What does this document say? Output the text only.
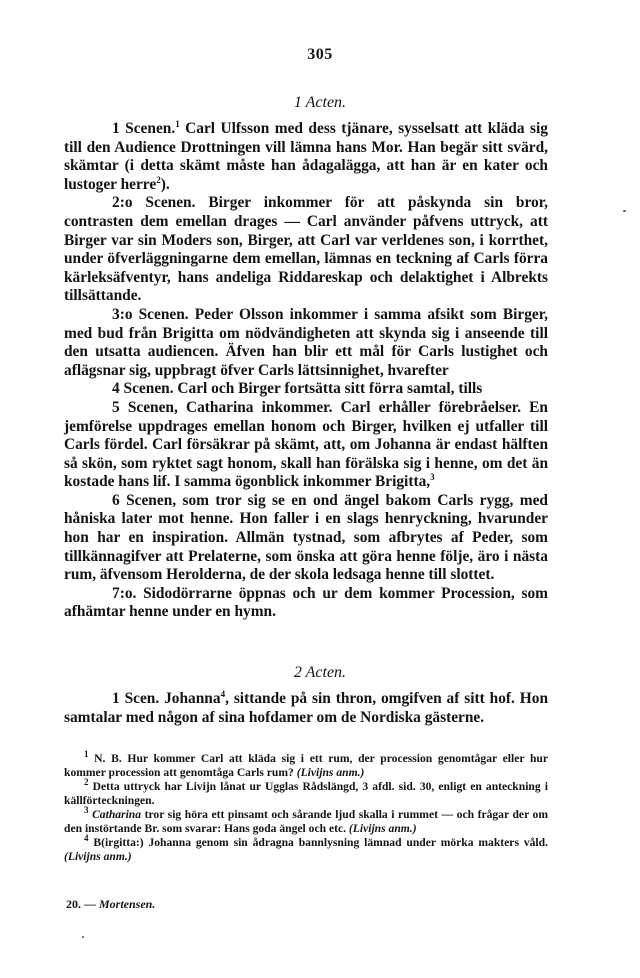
305
1 Acten.

1 Scenen.$^1$ Carl Ulfsson med dess tjänare, sysselsatt att kläda sig till den Audience Drottningen vill lämna hans Mor. Han begär sitt svärd, skämtar (i detta skämt måste han ådagalägga, att han är en kater och lustoger herre$^2$).

2:o Scenen. Birger inkommer för att påskynda sin bror, contrasten dem emellan drages — Carl använder påfvens uttryck, att Birger var sin Moders son, Birger, att Carl var verldenes son, i korrthet, under öfverläggningarne dem emellan, lämnas en teckning af Carls förra kärleksäfventyr, hans andeliga Riddareskap och delaktighet i Albrekts tillsättande.

3:o Scenen. Peder Olsson inkommer i samma afsikt som Birger, med bud från Brigitta om nödvändigheten att skynda sig i anseende till den utsatta audiencen. Äfven han blir ett mål för Carls lustighet och aflägsnar sig, uppbragt öfver Carls lättsinnighet, hvarefter

4 Scenen. Carl och Birger fortsätta sitt förra samtal, tills

5 Scenen, Catharina inkommer. Carl erhåller förebråelser. En jemförelse uppdrages emellan honom och Birger, hvilken ej utfaller till Carls fördel. Carl försäkrar på skämt, att, om Johanna är endast hälften så skön, som ryktet sagt honom, skall han förälska sig i henne, om det än kostade hans lif. I samma ögonblick inkommer Brigitta,$^3$

6 Scenen, som tror sig se en ond ängel bakom Carls rygg, med håniska later mot henne. Hon faller i en slags henryckning, hvarunder hon har en inspiration. Allmän tystnad, som afbrytes af Peder, som tillkännagifver att Prelaterne, som önska att göra henne följe, äro i nästa rum, äfvensom Herolderna, de der skola ledsaga henne till slottet.

7:o. Sidodörrarne öppnas och ur dem kommer Procession, som afhämtar henne under en hymn.

2 Acten.

1 Scen. Johanna$^4$, sittande på sin thron, omgifven af sitt hof. Hon samtalar med någon af sina hofdamer om de Nordiska gästerne.

$^1$ N. B. Hur kommer Carl att kläda sig i ett rum, der procession genomtågar eller hur kommer procession att genomtåga Carls rum? (Livijns anm.)

$^2$ Detta uttryck har Livijn lånat ur Ugglas Rådslängd, 3 afdl. sid. 30, enligt en anteckning i källförteckningen.

$^3$ Catharina tror sig höra ett pinsamt och sårande ljud skalla i rummet — och frågar der om den instörtande Br. som svarar: Hans goda ängel och etc. (Livijns anm.)

$^4$ B(irgitta:) Johanna genom sin ådragna bannlysning lämnad under mörka makters våld. (Livijns anm.)

20. — Mortensen.
